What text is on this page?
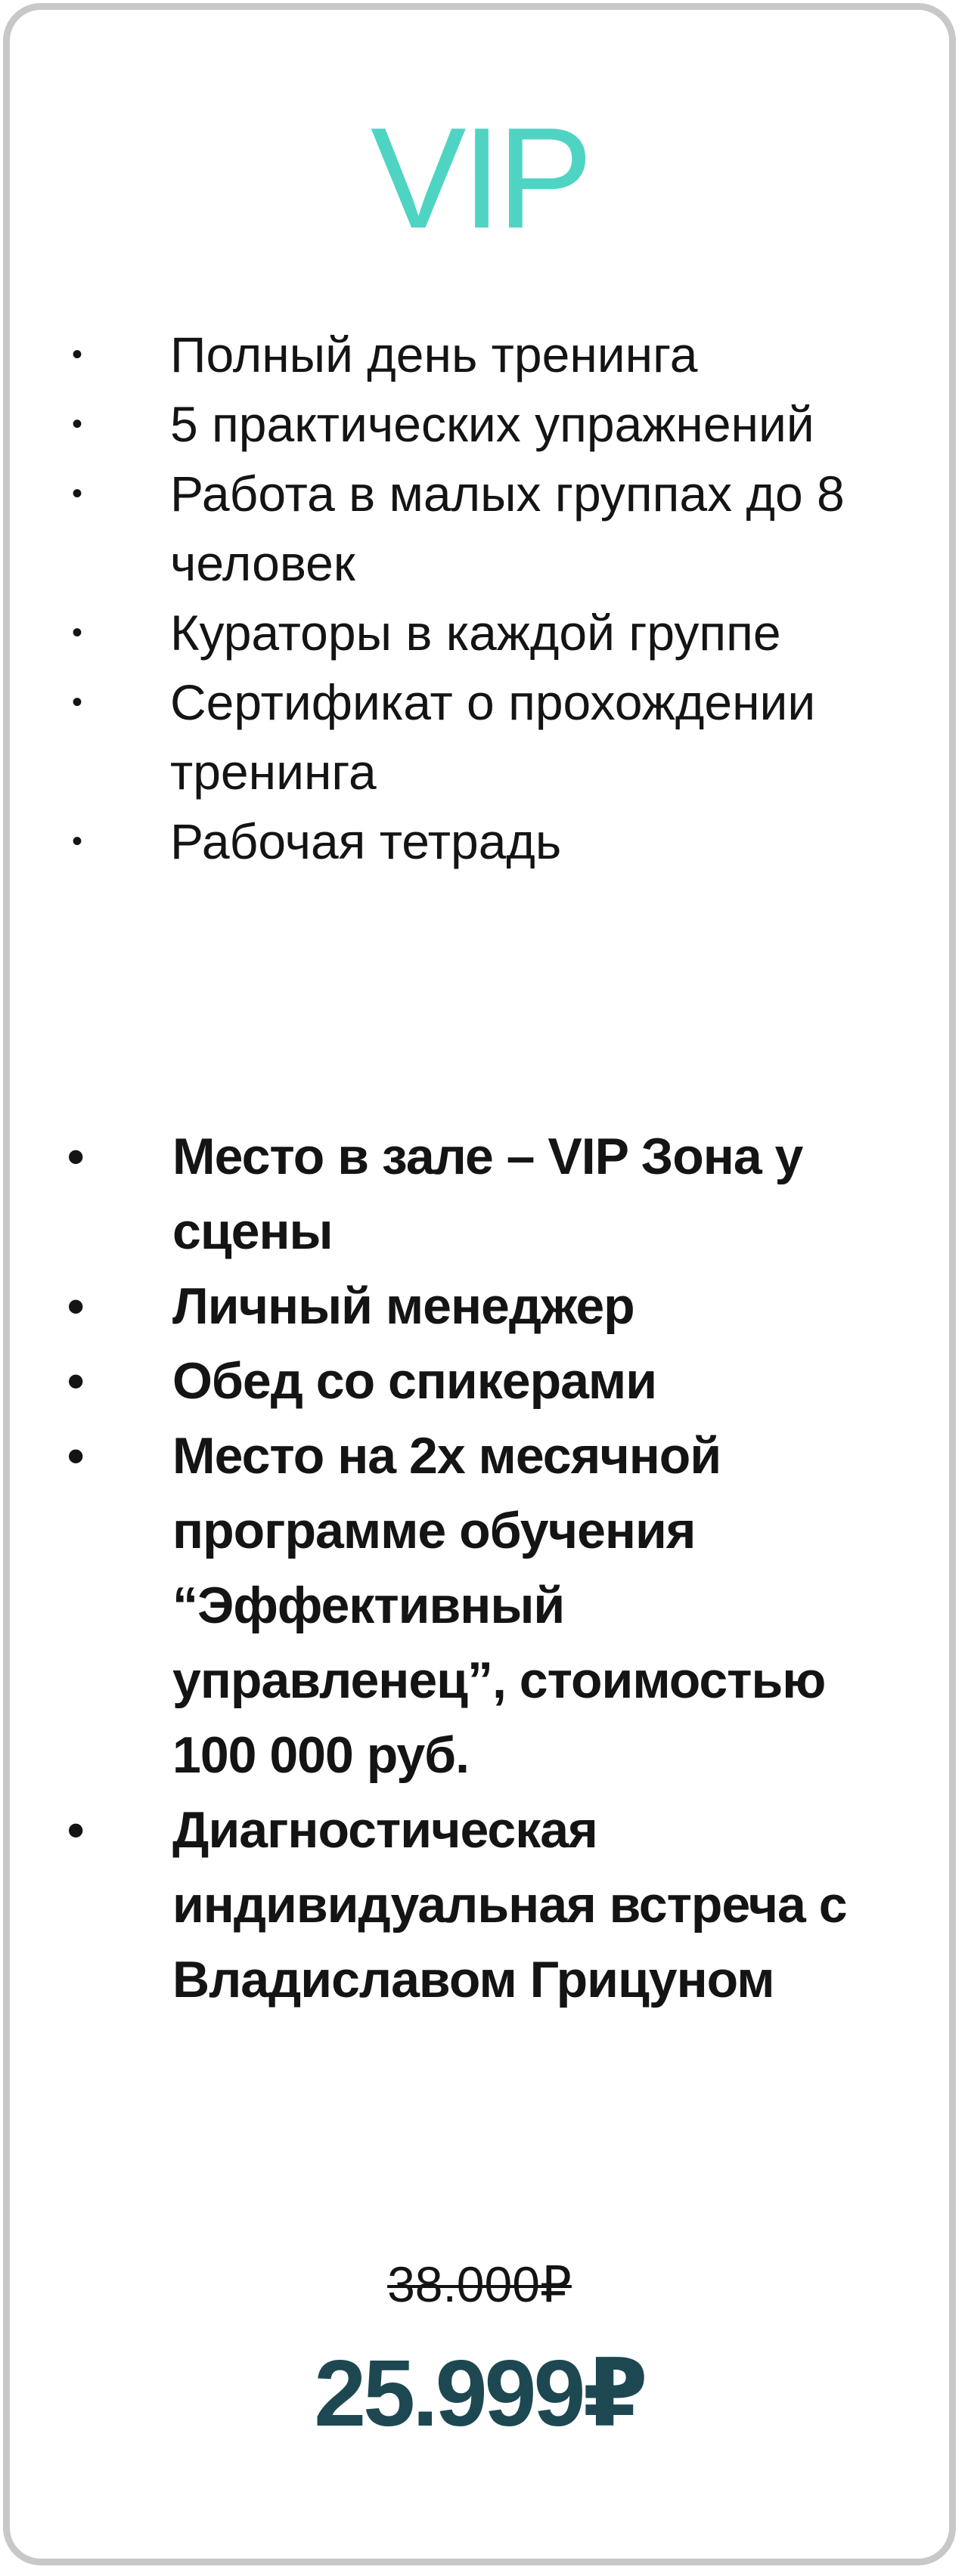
VIP
• Полный день тренинга
• 5 практических упражнений
• Работа в малых группах до 8 человек
• Кураторы в каждой группе
• Сертификат о прохождении тренинга
• Рабочая тетрадь
• Место в зале – VIP Зона у сцены
• Личный менеджер
• Обед со спикерами
• Место на 2х месячной программе обучения “Эффективный управленец”, стоимостью 100 000 руб.
• Диагностическая индивидуальная встреча с Владиславом Грицуном
38.000₽
25.999₽
